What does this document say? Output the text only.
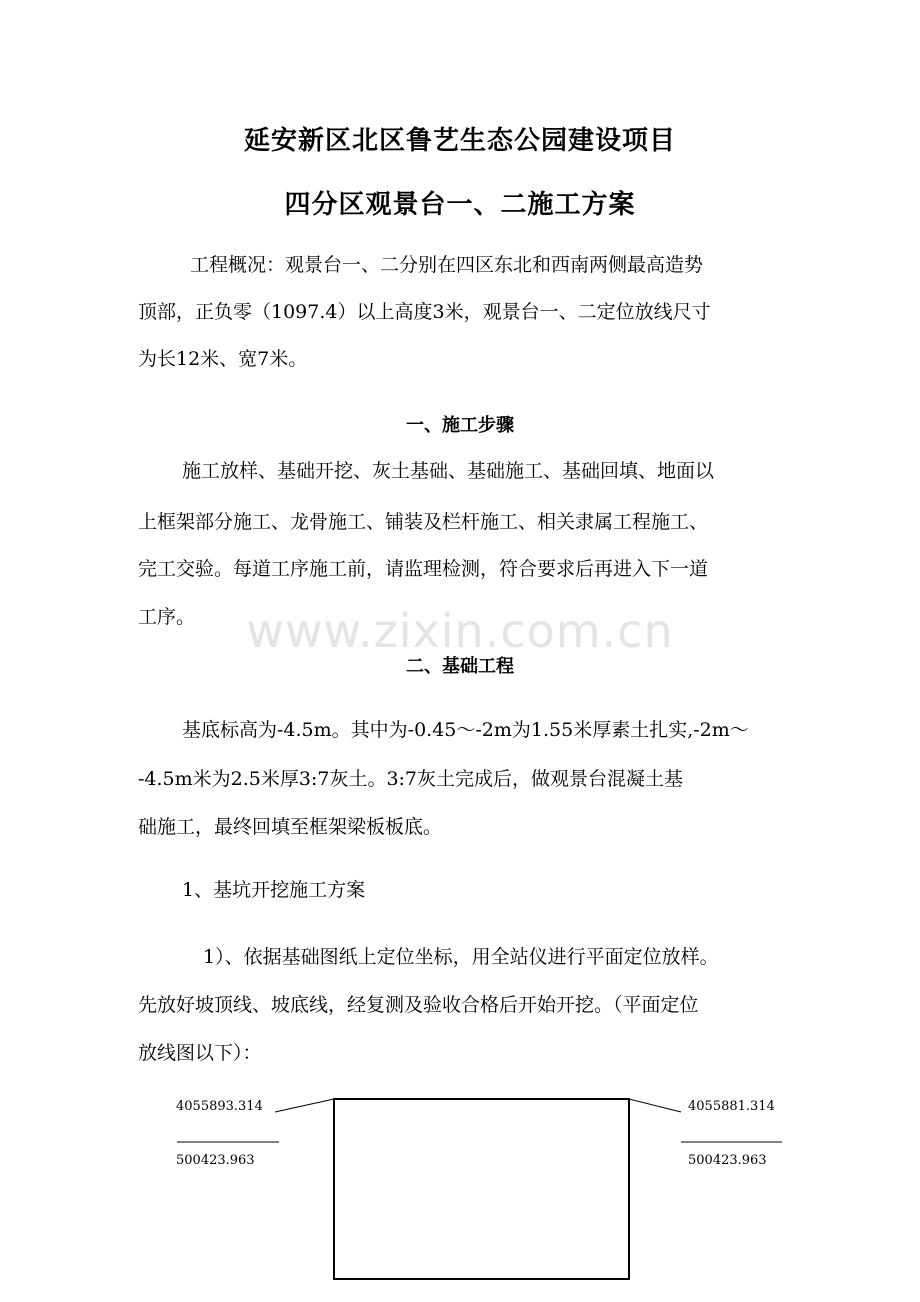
延安新区北区鲁艺生态公园建设项目
四分区观景台一、二施工方案
工程概况：观景台一、二分别在四区东北和西南两侧最高造势
顶部，正负零（1097.4）以上高度3米，观景台一、二定位放线尺寸
为长12米、宽7米。
一、施工步骤
施工放样、基础开挖、灰土基础、基础施工、基础回填、地面以
上框架部分施工、龙骨施工、铺装及栏杆施工、相关隶属工程施工、
完工交验。每道工序施工前，请监理检测，符合要求后再进入下一道
工序。	www.zixin.com.cn
二、基础工程
基底标高为-4.5m。其中为-0.45～-2m为1.55米厚素土扎实,-2m～
-4.5m米为2.5米厚3:7灰土。3:7灰土完成后，做观景台混凝土基
础施工，最终回填至框架梁板板底。
1、基坑开挖施工方案
1）、依据基础图纸上定位坐标，用全站仪进行平面定位放样。
先放好坡顶线、坡底线，经复测及验收合格后开始开挖。（平面定位
放线图以下）：
4055893.314
500423.963
4055881.314
500423.963
